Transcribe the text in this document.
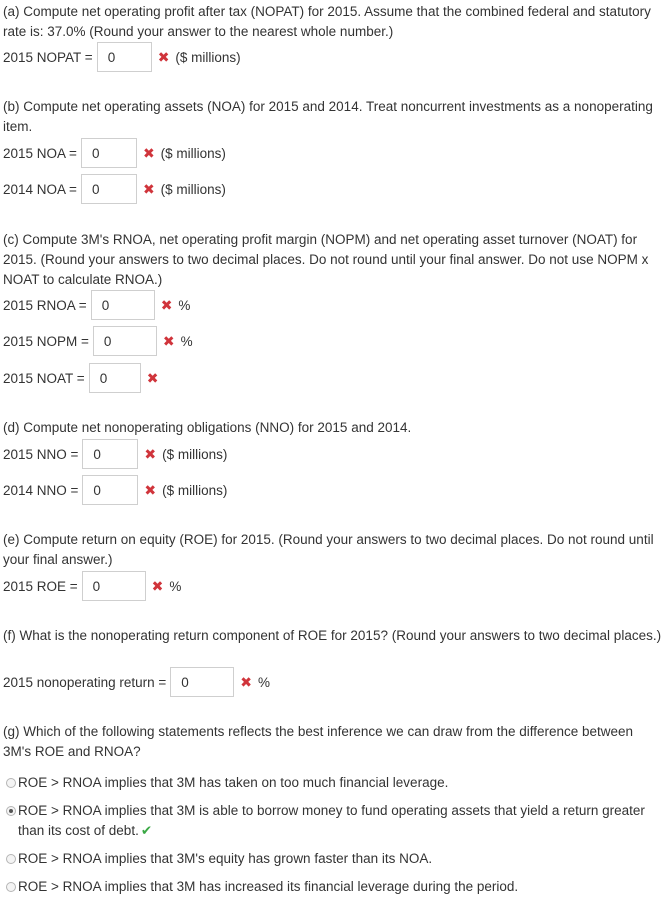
(a) Compute net operating profit after tax (NOPAT) for 2015. Assume that the combined federal and statutory rate is: 37.0% (Round your answer to the nearest whole number.)

2015 NOPAT =
0	✖ ($ millions)

(b) Compute net operating assets (NOA) for 2015 and 2014. Treat noncurrent investments as a nonoperating item.

2015 NOA =
0	✖ ($ millions)
2014 NOA =
0	✖ ($ millions)

(c) Compute 3M's RNOA, net operating profit margin (NOPM) and net operating asset turnover (NOAT) for 2015. (Round your answers to two decimal places. Do not round until your final answer. Do not use NOPM x NOAT to calculate RNOA.)

2015 RNOA =
0	✖ %
2015 NOPM =
0	✖ %
2015 NOAT =
0	✖

(d) Compute net nonoperating obligations (NNO) for 2015 and 2014.

2015 NNO =
0	✖ ($ millions)
2014 NNO =
0	✖ ($ millions)

(e) Compute return on equity (ROE) for 2015. (Round your answers to two decimal places. Do not round until your final answer.)

2015 ROE =
0	✖ %

(f) What is the nonoperating return component of ROE for 2015? (Round your answers to two decimal places.)

2015 nonoperating return =
0	✖ %

(g) Which of the following statements reflects the best inference we can draw from the difference between 3M's ROE and RNOA?

ROE > RNOA implies that 3M has taken on too much financial leverage.
ROE > RNOA implies that 3M is able to borrow money to fund operating assets that yield a return greater than its cost of debt. ✔
ROE > RNOA implies that 3M's equity has grown faster than its NOA.
ROE > RNOA implies that 3M has increased its financial leverage during the period.
